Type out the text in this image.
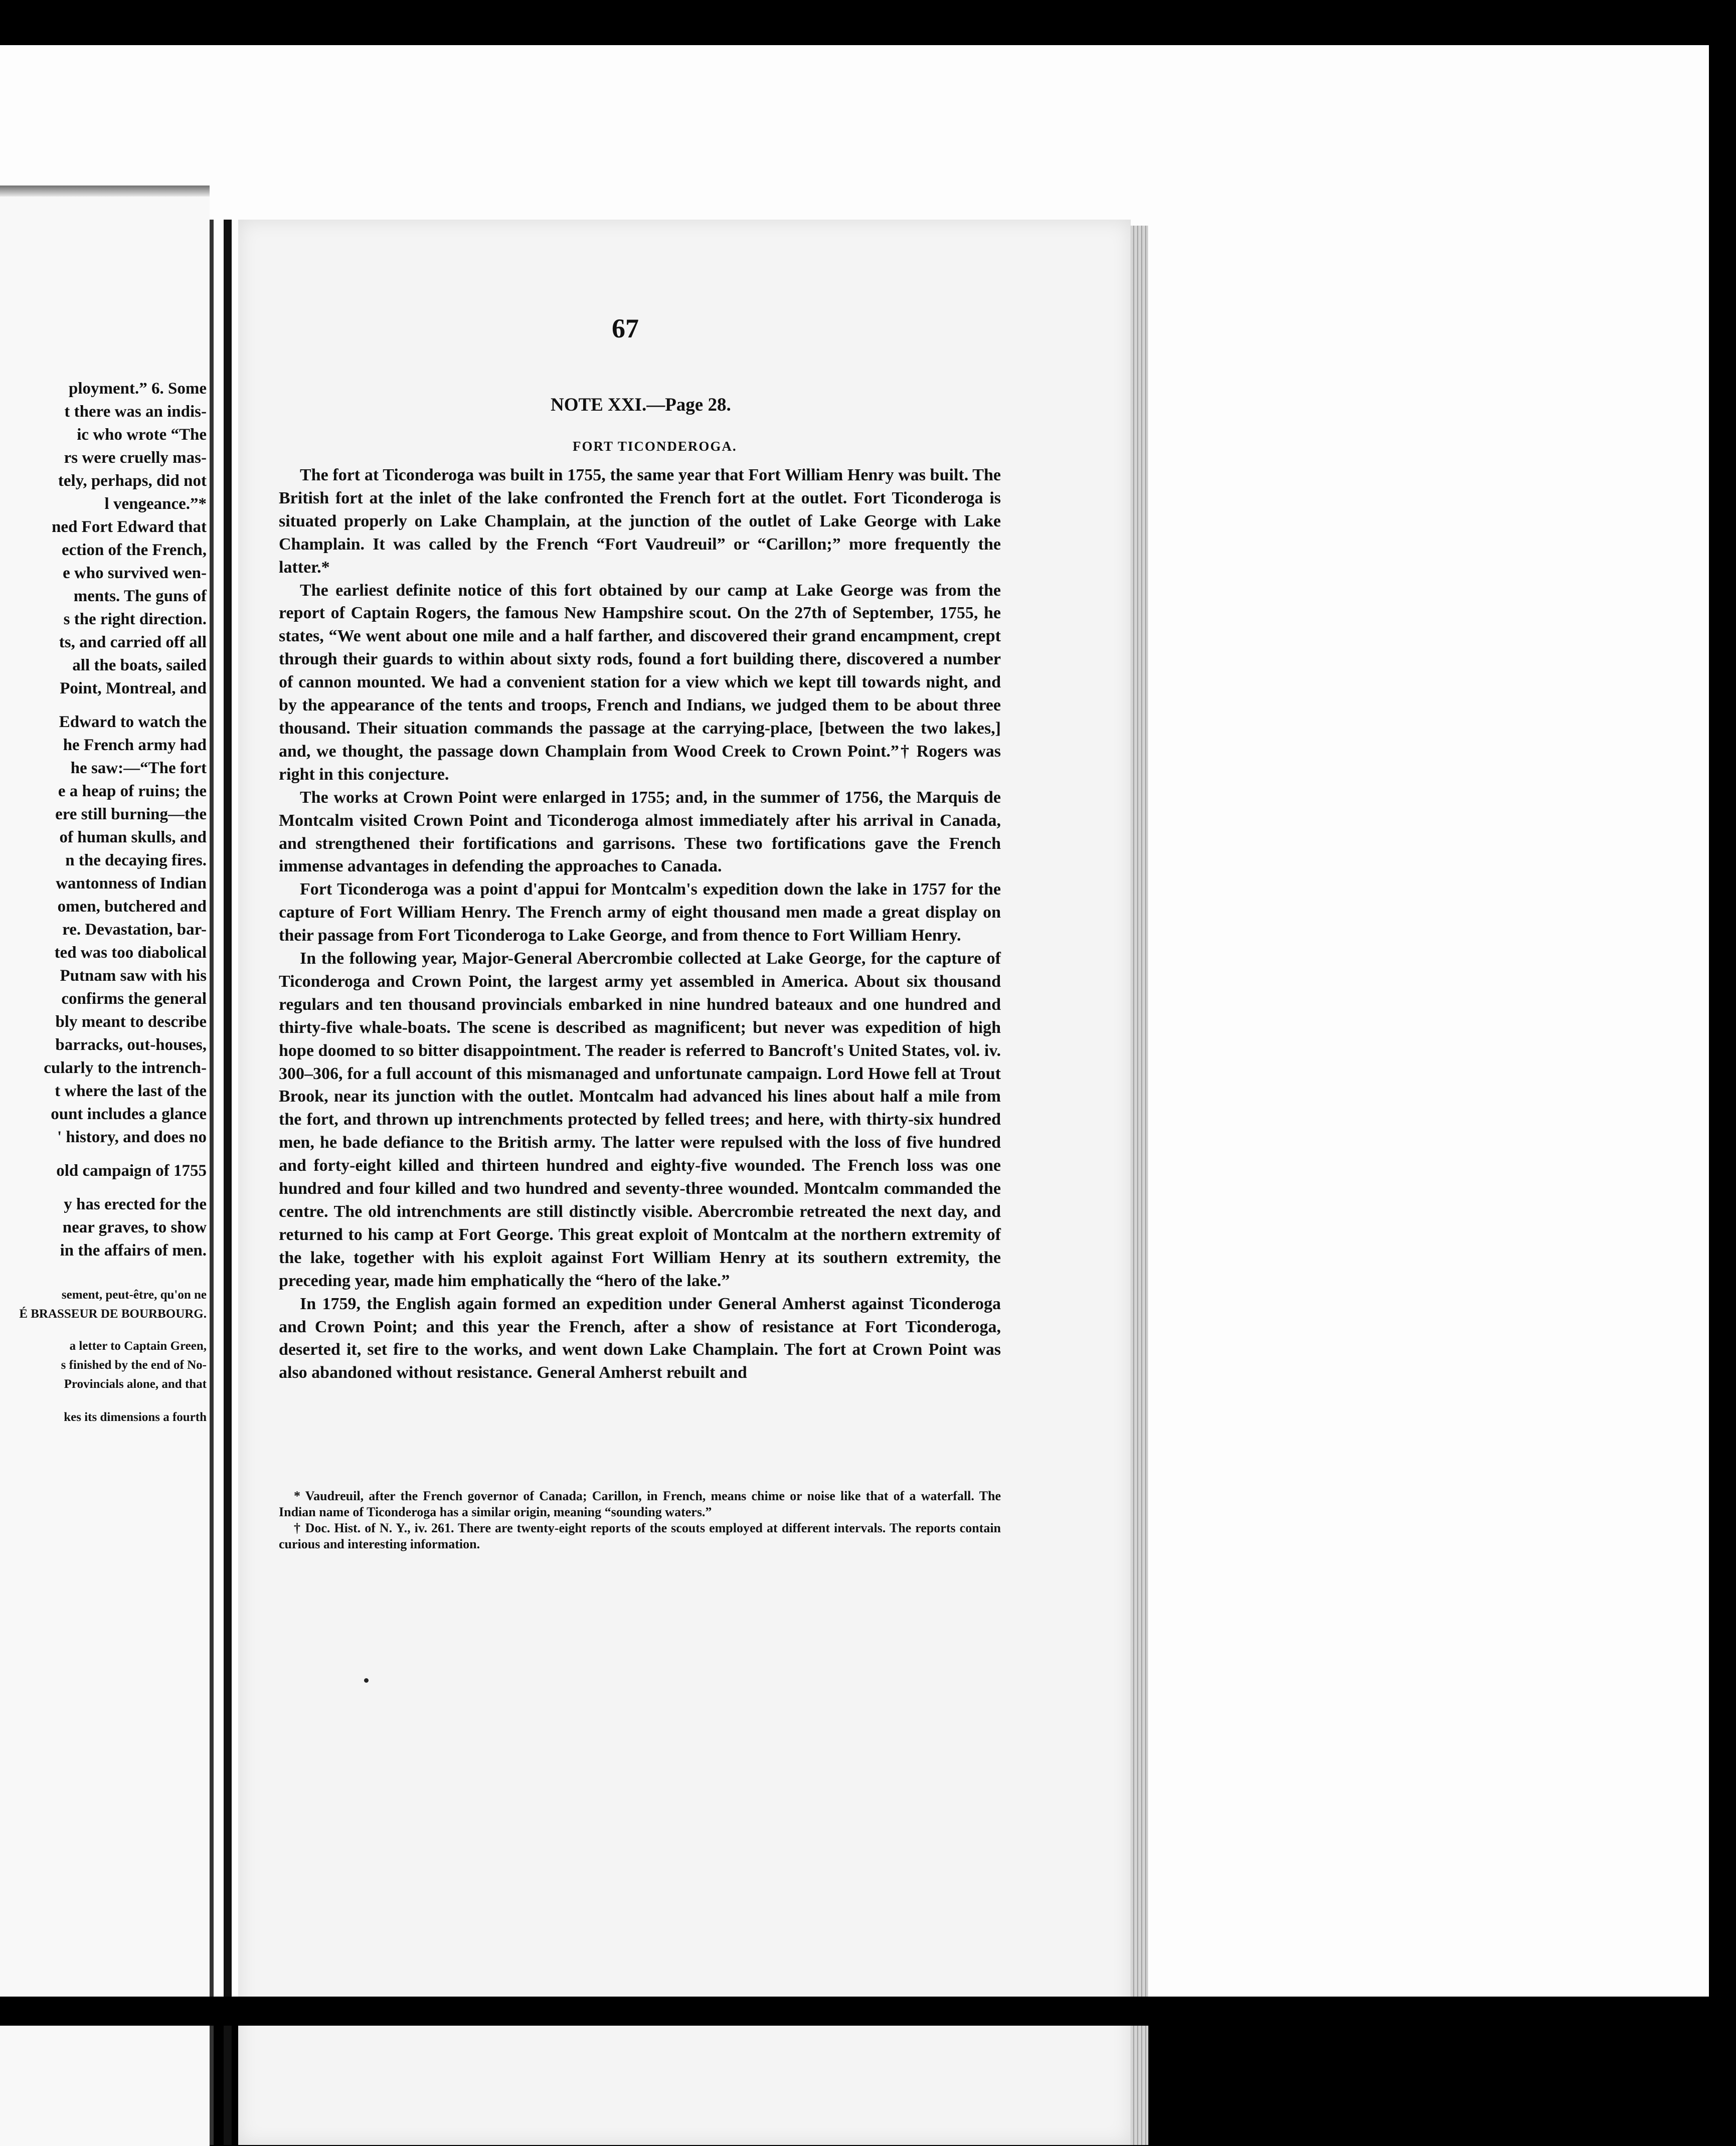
ployment.” 6. Some
t there was an indis-
ic who wrote “The
rs were cruelly mas-
tely, perhaps, did not
l vengeance.”*
ned Fort Edward that
ection of the French,
e who survived wen-
ments. The guns of
s the right direction.
ts, and carried off all
all the boats, sailed
Point, Montreal, and
Edward to watch the
he French army had
he saw:—“The fort
e a heap of ruins; the
ere still burning—the
of human skulls, and
n the decaying fires.
wantonness of Indian
omen, butchered and
re. Devastation, bar-
ted was too diabolical
Putnam saw with his
confirms the general
bly meant to describe
barracks, out-houses,
cularly to the intrench-
t where the last of the
ount includes a glance
' history, and does no
old campaign of 1755
y has erected for the
near graves, to show
in the affairs of men.
sement, peut-être, qu'on ne
É BRASSEUR DE BOURBOURG.
a letter to Captain Green,
s finished by the end of No-
Provincials alone, and that
kes its dimensions a fourth
67
NOTE XXI.—Page 28.
FORT TICONDEROGA.

The fort at Ticonderoga was built in 1755, the same year that Fort William Henry was built. The British fort at the inlet of the lake confronted the French fort at the outlet. Fort Ticonderoga is situated properly on Lake Champlain, at the junction of the outlet of Lake George with Lake Champlain. It was called by the French “Fort Vaudreuil” or “Carillon;” more frequently the latter.*

The earliest definite notice of this fort obtained by our camp at Lake George was from the report of Captain Rogers, the famous New Hampshire scout. On the 27th of September, 1755, he states, “We went about one mile and a half farther, and discovered their grand encampment, crept through their guards to within about sixty rods, found a fort building there, discovered a number of cannon mounted. We had a convenient station for a view which we kept till towards night, and by the appearance of the tents and troops, French and Indians, we judged them to be about three thousand. Their situation commands the passage at the carrying-place, [between the two lakes,] and, we thought, the passage down Champlain from Wood Creek to Crown Point.”† Rogers was right in this conjecture.

The works at Crown Point were enlarged in 1755; and, in the summer of 1756, the Marquis de Montcalm visited Crown Point and Ticonderoga almost immediately after his arrival in Canada, and strengthened their fortifications and garrisons. These two fortifications gave the French immense advantages in defending the approaches to Canada.

Fort Ticonderoga was a point d'appui for Montcalm's expedition down the lake in 1757 for the capture of Fort William Henry. The French army of eight thousand men made a great display on their passage from Fort Ticonderoga to Lake George, and from thence to Fort William Henry.

In the following year, Major-General Abercrombie collected at Lake George, for the capture of Ticonderoga and Crown Point, the largest army yet assembled in America. About six thousand regulars and ten thousand provincials embarked in nine hundred bateaux and one hundred and thirty-five whale-boats. The scene is described as magnificent; but never was expedition of high hope doomed to so bitter disappointment. The reader is referred to Bancroft's United States, vol. iv. 300–306, for a full account of this mismanaged and unfortunate campaign. Lord Howe fell at Trout Brook, near its junction with the outlet. Montcalm had advanced his lines about half a mile from the fort, and thrown up intrenchments protected by felled trees; and here, with thirty-six hundred men, he bade defiance to the British army. The latter were repulsed with the loss of five hundred and forty-eight killed and thirteen hundred and eighty-five wounded. The French loss was one hundred and four killed and two hundred and seventy-three wounded. Montcalm commanded the centre. The old intrenchments are still distinctly visible. Abercrombie retreated the next day, and returned to his camp at Fort George. This great exploit of Montcalm at the northern extremity of the lake, together with his exploit against Fort William Henry at its southern extremity, the preceding year, made him emphatically the “hero of the lake.”

In 1759, the English again formed an expedition under General Amherst against Ticonderoga and Crown Point; and this year the French, after a show of resistance at Fort Ticonderoga, deserted it, set fire to the works, and went down Lake Champlain. The fort at Crown Point was also abandoned without resistance. General Amherst rebuilt and

* Vaudreuil, after the French governor of Canada; Carillon, in French, means chime or noise like that of a waterfall. The Indian name of Ticonderoga has a similar origin, meaning “sounding waters.”

† Doc. Hist. of N. Y., iv. 261. There are twenty-eight reports of the scouts employed at different intervals. The reports contain curious and interesting information.
